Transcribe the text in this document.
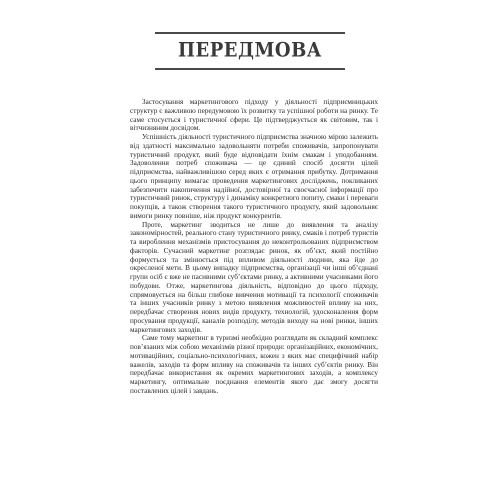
ПЕРЕДМОВА

Застосування маркетингового підходу у діяльності підприємницьких структур є важливою передумовою їх розвитку та успішної роботи на ринку. Те саме стосується і туристичної сфери. Це підтверджується як світовим, так і вітчизняним досвідом.

Успішність діяльності туристичного підприємства значною мірою залежить від здатності максимально задовольняти потреби споживачів, запропонувати туристичний продукт, який буде відповідати їхнім смакам і уподобанням. Задоволення потреб споживача — це єдиний спосіб досягти цілей підприємства, найважливішою серед яких є отримання прибутку. Дотримання цього принципу вимагає проведення маркетингових досліджень, покликаних забезпечити накопичення надійної, достовірної та своєчасної інформації про туристичний ринок, структуру і динаміку конкретного попиту, смаки і переваги покупців, а також створення такого туристичного продукту, який задовольняє вимоги ринку повніше, ніж продукт конкурентів.

Проте, маркетинг зводиться не лише до виявлення та аналізу закономірностей, реального стану туристичного ринку, смаків і потреб туристів та вироблення механізмів пристосування до неконтрольованих підприємством факторів. Сучасний маркетинг розглядає ринок, як об’єкт, який постійно формується та змінюється під впливом діяльності людини, яка йде до окресленої мети. В цьому випадку підприємства, організації чи інші об’єднані групи осіб є вже не пасивними суб’єктами ринку, а активними учасниками його побудови. Отже, маркетингова діяльність, відповідно до цього підходу, спрямовується на більш глибоке вивчення мотивації та психології споживачів та інших учасників ринку з метою виявлення можливостей впливу на них, передбачає створення нових видів продукту, технологій, удосконалення форм просування продукції, каналів розподілу, методів виходу на нові ринки, інших маркетингових заходів.

Саме тому маркетинг в туризмі необхідно розглядати як складний комплекс пов’язаних між собою механізмів різної природи: організаційних, економічних, мотиваційних, соціально-психологічних, кожен з яких має специфічний набір важелів, заходів та форм впливу на споживачів та інших суб’єктів ринку. Він передбачає використання як окремих маркетингових заходів, а комплексу маркетингу, оптимальне поєднання елементів якого дає змогу досягти поставлених цілей і завдань.
